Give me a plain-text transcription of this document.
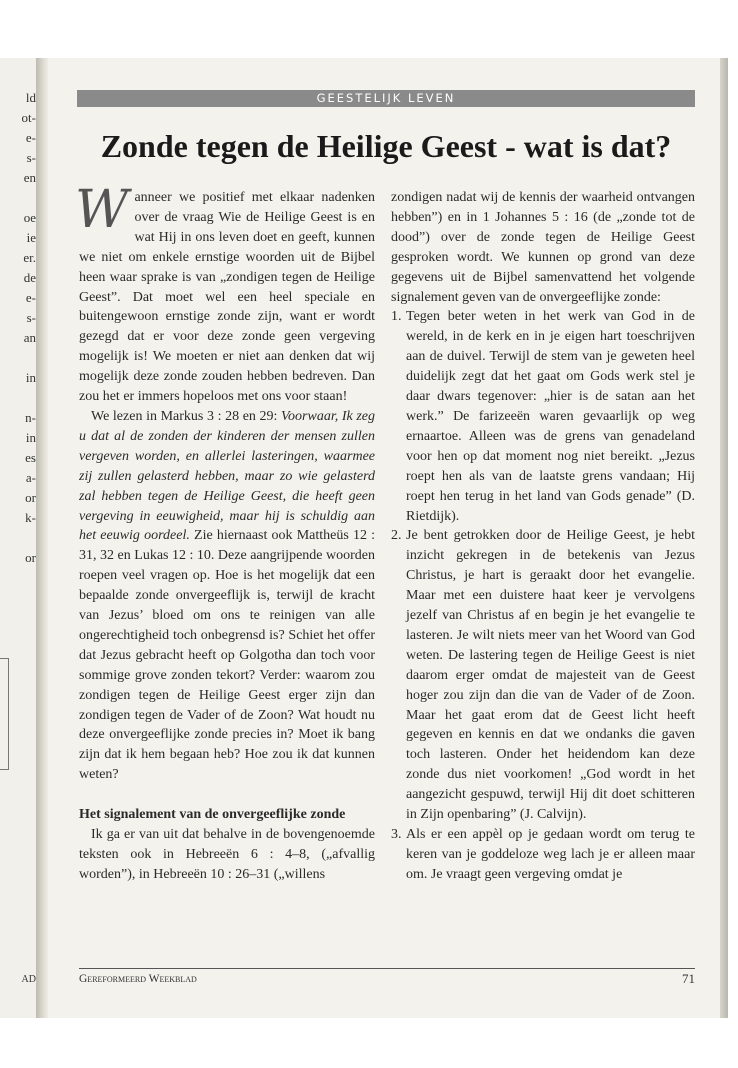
ld
ot-
e-
s-
en
oe
ie
er.
de
e-
s-
an
in
n-
in
es
a-
or
k-
or
AD
GEESTELIJK LEVEN
Zonde tegen de Heilige Geest - wat is dat?

Wanneer we positief met elkaar nadenken over de vraag Wie de Heilige Geest is en wat Hij in ons leven doet en geeft, kunnen we niet om enkele ernstige woorden uit de Bijbel heen waar sprake is van „zondigen tegen de Heilige Geest”. Dat moet wel een heel speciale en buitengewoon ernstige zonde zijn, want er wordt gezegd dat er voor deze zonde geen vergeving mogelijk is! We moeten er niet aan denken dat wij mogelijk deze zonde zouden hebben bedreven. Dan zou het er immers hopeloos met ons voor staan!

We lezen in Markus 3 : 28 en 29: Voorwaar, Ik zeg u dat al de zonden der kinderen der mensen zullen vergeven worden, en allerlei lasteringen, waarmee zij zullen gelasterd hebben, maar zo wie gelasterd zal hebben tegen de Heilige Geest, die heeft geen vergeving in eeuwigheid, maar hij is schuldig aan het eeuwig oordeel. Zie hiernaast ook Mattheüs 12 : 31, 32 en Lukas 12 : 10. Deze aangrijpende woorden roepen veel vragen op. Hoe is het mogelijk dat een bepaalde zonde onvergeeflijk is, terwijl de kracht van Jezus’ bloed om ons te reinigen van alle ongerechtigheid toch onbegrensd is? Schiet het offer dat Jezus gebracht heeft op Golgotha dan toch voor sommige grove zonden tekort? Verder: waarom zou zondigen tegen de Heilige Geest erger zijn dan zondigen tegen de Vader of de Zoon? Wat houdt nu deze onvergeeflijke zonde precies in? Moet ik bang zijn dat ik hem begaan heb? Hoe zou ik dat kunnen weten?

Het signalement van de onvergeeflijke zonde

Ik ga er van uit dat behalve in de bovengenoemde teksten ook in Hebreeën 6 : 4–8, („afvallig worden”), in Hebreeën 10 : 26–31 („willens

zondigen nadat wij de kennis der waarheid ontvangen hebben”) en in 1 Johannes 5 : 16 (de „zonde tot de dood”) over de zonde tegen de Heilige Geest gesproken wordt. We kunnen op grond van deze gegevens uit de Bijbel samenvattend het volgende signalement geven van de onvergeeflijke zonde:

1. Tegen beter weten in het werk van God in de wereld, in de kerk en in je eigen hart toeschrijven aan de duivel. Terwijl de stem van je geweten heel duidelijk zegt dat het gaat om Gods werk stel je daar dwars tegenover: „hier is de satan aan het werk.” De farizeeën waren gevaarlijk op weg ernaartoe. Alleen was de grens van genadeland voor hen op dat moment nog niet bereikt. „Jezus roept hen als van de laatste grens vandaan; Hij roept hen terug in het land van Gods genade” (D. Rietdijk).
2. Je bent getrokken door de Heilige Geest, je hebt inzicht gekregen in de betekenis van Jezus Christus, je hart is geraakt door het evangelie. Maar met een duistere haat keer je vervolgens jezelf van Christus af en begin je het evangelie te lasteren. Je wilt niets meer van het Woord van God weten. De lastering tegen de Heilige Geest is niet daarom erger omdat de majesteit van de Geest hoger zou zijn dan die van de Vader of de Zoon. Maar het gaat erom dat de Geest licht heeft gegeven en kennis en dat we ondanks die gaven toch lasteren. Onder het heidendom kan deze zonde dus niet voorkomen! „God wordt in het aangezicht gespuwd, terwijl Hij dit doet schitteren in Zijn openbaring” (J. Calvijn).
3. Als er een appèl op je gedaan wordt om terug te keren van je goddeloze weg lach je er alleen maar om. Je vraagt geen vergeving omdat je
Gereformeerd Weekblad	71
